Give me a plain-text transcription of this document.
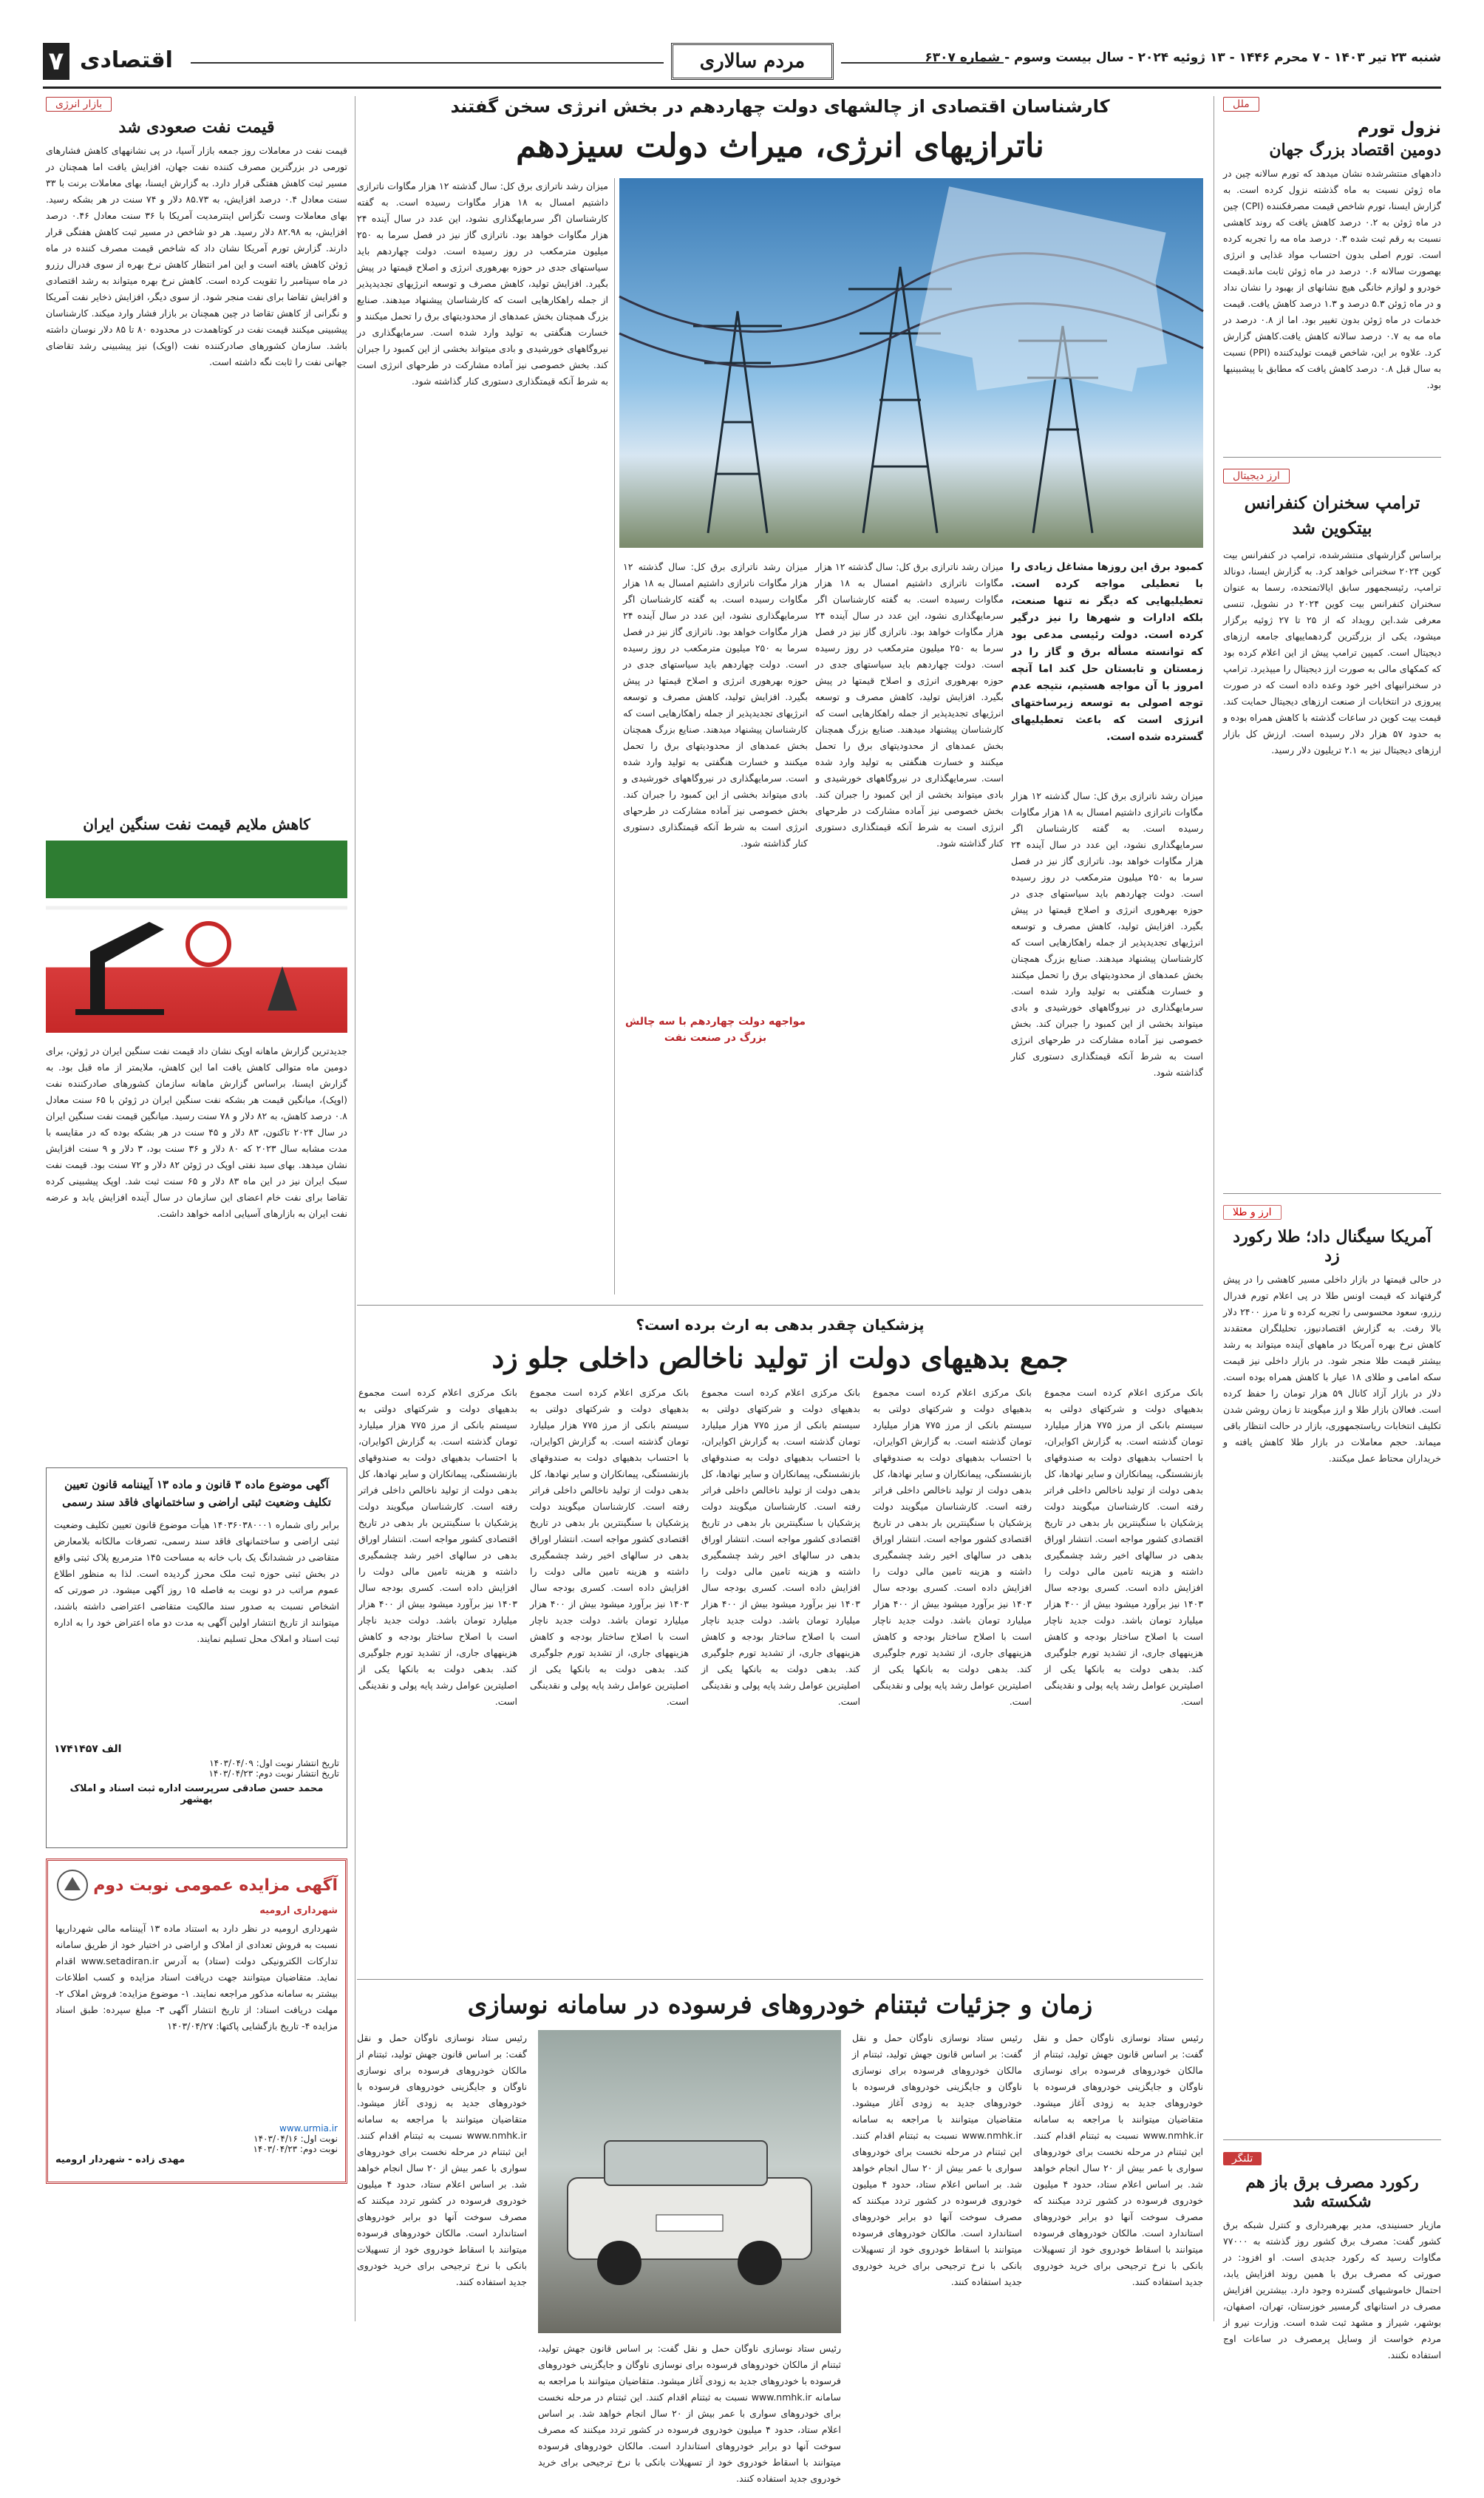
۷ اقتصادی	مردم سالاری	شنبه ۲۳ تیر ۱۴۰۳ - ۷ محرم ۱۴۴۶ - ۱۳ ژوئیه ۲۰۲۴ - سال بیست وسوم - شماره ۶۳۰۷
ملل
نزول تورم
دومین اقتصاد بزرگ جهان
دادههای منتشرشده نشان میدهد که تورم سالانه چین در ماه ژوئن نسبت به ماه گذشته نزول کرده است. به گزارش ایسنا، تورم شاخص قیمت مصرفکننده (CPI) چین در ماه ژوئن به ۰.۲ درصد کاهش یافت که روند کاهشی نسبت به رقم ثبت شده ۰.۳ درصد ماه مه را تجربه کرده است. تورم اصلی بدون احتساب مواد غذایی و انرژی بهصورت سالانه ۰.۶ درصد در ماه ژوئن ثابت ماند.قیمت خودرو و لوازم خانگی هیچ نشانهای از بهبود را نشان نداد و در ماه ژوئن ۵.۳ درصد و ۱.۳ درصد کاهش یافت. قیمت خدمات در ماه ژوئن بدون تغییر بود. اما از ۰.۸ درصد در ماه مه به ۰.۷ درصد سالانه کاهش یافت.کاهش گزارش کرد. علاوه بر این، شاخص قیمت تولیدکننده (PPI) نسبت به سال قبل ۰.۸ درصد کاهش یافت که مطابق با پیشبینیها بود.
ارز دیجیتال
ترامپ سخنران کنفرانس بیتکوین شد
براساس گزارشهای منتشرشده، ترامپ در کنفرانس بیت کوین ۲۰۲۴ سخنرانی خواهد کرد. به گزارش ایسنا، دونالد ترامپ، رئیسجمهور سابق ایالاتمتحده، رسما به عنوان سخنران کنفرانس بیت کوین ۲۰۲۴ در نشویل، تنسی معرفی شد.این رویداد که از ۲۵ تا ۲۷ ژوئیه برگزار میشود، یکی از بزرگترین گردهماییهای جامعه ارزهای دیجیتال است. کمپین ترامپ پیش از این اعلام کرده بود که کمکهای مالی به صورت ارز دیجیتال را میپذیرد. ترامپ در سخنرانیهای اخیر خود وعده داده است که در صورت پیروزی در انتخابات از صنعت ارزهای دیجیتال حمایت کند. قیمت بیت کوین در ساعات گذشته با کاهش همراه بوده و به حدود ۵۷ هزار دلار رسیده است. ارزش کل بازار ارزهای دیجیتال نیز به ۲.۱ تریلیون دلار رسید.
ارز و طلا
آمریکا سیگنال داد؛ طلا رکورد زد
در حالی قیمتها در بازار داخلی مسیر کاهشی را در پیش گرفتهاند که قیمت اونس طلا در پی اعلام تورم فدرال رزرو، سعود محسوسی را تجربه کرده و تا مرز ۲۴۰۰ دلار بالا رفت. به گزارش اقتصادنیوز، تحلیلگران معتقدند کاهش نرخ بهره آمریکا در ماههای آینده میتواند به رشد بیشتر قیمت طلا منجر شود. در بازار داخلی نیز قیمت سکه امامی و طلای ۱۸ عیار با کاهش همراه بوده است. دلار در بازار آزاد کانال ۵۹ هزار تومان را حفظ کرده است. فعالان بازار طلا و ارز میگویند تا زمان روشن شدن تکلیف انتخابات ریاستجمهوری، بازار در حالت انتظار باقی میماند. حجم معاملات در بازار طلا کاهش یافته و خریداران محتاط عمل میکنند.
تلنگر
رکورد مصرف برق باز هم شکسته شد
مازیار حسنیندی، مدیر بهرهبرداری و کنترل شبکه برق کشور گفت: مصرف برق کشور روز گذشته به ۷۷۰۰۰ مگاوات رسید که رکورد جدیدی است. او افزود: در صورتی که مصرف برق با همین روند افزایش یابد، احتمال خاموشیهای گسترده وجود دارد. بیشترین افزایش مصرف در استانهای گرمسیر خوزستان، تهران، اصفهان، بوشهر، شیراز و مشهد ثبت شده است. وزارت نیرو از مردم خواست از وسایل پرمصرف در ساعات اوج استفاده نکنند.
کارشناسان اقتصادی از چالشهای دولت چهاردهم در بخش انرژی سخن گفتند
ناترازیهای انرژی، میراث دولت سیزدهم
کمبود برق این روزها مشاغل زیادی را با تعطیلی مواجه کرده است. تعطیلیهایی که دیگر نه تنها صنعت، بلکه ادارات و شهرها را نیز درگیر کرده است. دولت رئیسی مدعی بود که توانسته مسأله برق و گاز را در زمستان و تابستان حل کند اما آنچه امروز با آن مواجه هستیم، نتیجه عدم توجه اصولی به توسعه زیرساختهای انرژی است که باعث تعطیلیهای گسترده شده است.
میزان رشد ناترازی برق کل: سال گذشته ۱۲ هزار مگاوات ناترازی داشتیم امسال به ۱۸ هزار مگاوات رسیده است. به گفته کارشناسان اگر سرمایهگذاری نشود، این عدد در سال آینده ۲۴ هزار مگاوات خواهد بود. ناترازی گاز نیز در فصل سرما به ۲۵۰ میلیون مترمکعب در روز رسیده است. دولت چهاردهم باید سیاستهای جدی در حوزه بهرهوری انرژی و اصلاح قیمتها در پیش بگیرد. افزایش تولید، کاهش مصرف و توسعه انرژیهای تجدیدپذیر از جمله راهکارهایی است که کارشناسان پیشنهاد میدهند. صنایع بزرگ همچنان بخش عمدهای از محدودیتهای برق را تحمل میکنند و خسارت هنگفتی به تولید وارد شده است. سرمایهگذاری در نیروگاههای خورشیدی و بادی میتواند بخشی از این کمبود را جبران کند. بخش خصوصی نیز آماده مشارکت در طرحهای انرژی است به شرط آنکه قیمتگذاری دستوری کنار گذاشته شود.
میزان رشد ناترازی برق کل: سال گذشته ۱۲ هزار مگاوات ناترازی داشتیم امسال به ۱۸ هزار مگاوات رسیده است. به گفته کارشناسان اگر سرمایهگذاری نشود، این عدد در سال آینده ۲۴ هزار مگاوات خواهد بود. ناترازی گاز نیز در فصل سرما به ۲۵۰ میلیون مترمکعب در روز رسیده است. دولت چهاردهم باید سیاستهای جدی در حوزه بهرهوری انرژی و اصلاح قیمتها در پیش بگیرد. افزایش تولید، کاهش مصرف و توسعه انرژیهای تجدیدپذیر از جمله راهکارهایی است که کارشناسان پیشنهاد میدهند. صنایع بزرگ همچنان بخش عمدهای از محدودیتهای برق را تحمل میکنند و خسارت هنگفتی به تولید وارد شده است. سرمایهگذاری در نیروگاههای خورشیدی و بادی میتواند بخشی از این کمبود را جبران کند. بخش خصوصی نیز آماده مشارکت در طرحهای انرژی است به شرط آنکه قیمتگذاری دستوری کنار گذاشته شود.
مواجهه دولت چهاردهم با سه چالش بزرگ در صنعت نفت
میزان رشد ناترازی برق کل: سال گذشته ۱۲ هزار مگاوات ناترازی داشتیم امسال به ۱۸ هزار مگاوات رسیده است. به گفته کارشناسان اگر سرمایهگذاری نشود، این عدد در سال آینده ۲۴ هزار مگاوات خواهد بود. ناترازی گاز نیز در فصل سرما به ۲۵۰ میلیون مترمکعب در روز رسیده است. دولت چهاردهم باید سیاستهای جدی در حوزه بهرهوری انرژی و اصلاح قیمتها در پیش بگیرد. افزایش تولید، کاهش مصرف و توسعه انرژیهای تجدیدپذیر از جمله راهکارهایی است که کارشناسان پیشنهاد میدهند. صنایع بزرگ همچنان بخش عمدهای از محدودیتهای برق را تحمل میکنند و خسارت هنگفتی به تولید وارد شده است. سرمایهگذاری در نیروگاههای خورشیدی و بادی میتواند بخشی از این کمبود را جبران کند. بخش خصوصی نیز آماده مشارکت در طرحهای انرژی است به شرط آنکه قیمتگذاری دستوری کنار گذاشته شود.
میزان رشد ناترازی برق کل: سال گذشته ۱۲ هزار مگاوات ناترازی داشتیم امسال به ۱۸ هزار مگاوات رسیده است. به گفته کارشناسان اگر سرمایهگذاری نشود، این عدد در سال آینده ۲۴ هزار مگاوات خواهد بود. ناترازی گاز نیز در فصل سرما به ۲۵۰ میلیون مترمکعب در روز رسیده است. دولت چهاردهم باید سیاستهای جدی در حوزه بهرهوری انرژی و اصلاح قیمتها در پیش بگیرد. افزایش تولید، کاهش مصرف و توسعه انرژیهای تجدیدپذیر از جمله راهکارهایی است که کارشناسان پیشنهاد میدهند. صنایع بزرگ همچنان بخش عمدهای از محدودیتهای برق را تحمل میکنند و خسارت هنگفتی به تولید وارد شده است. سرمایهگذاری در نیروگاههای خورشیدی و بادی میتواند بخشی از این کمبود را جبران کند. بخش خصوصی نیز آماده مشارکت در طرحهای انرژی است به شرط آنکه قیمتگذاری دستوری کنار گذاشته شود.
پزشکیان چقدر بدهی به ارث برده است؟
جمع بدهیهای دولت از تولید ناخالص داخلی جلو زد
بانک مرکزی اعلام کرده است مجموع بدهیهای دولت و شرکتهای دولتی به سیستم بانکی از مرز ۷۷۵ هزار میلیارد تومان گذشته است. به گزارش اکوایران، با احتساب بدهیهای دولت به صندوقهای بازنشستگی، پیمانکاران و سایر نهادها، کل بدهی دولت از تولید ناخالص داخلی فراتر رفته است. کارشناسان میگویند دولت پزشکیان با سنگینترین بار بدهی در تاریخ اقتصادی کشور مواجه است. انتشار اوراق بدهی در سالهای اخیر رشد چشمگیری داشته و هزینه تامین مالی دولت را افزایش داده است. کسری بودجه سال ۱۴۰۳ نیز برآورد میشود بیش از ۴۰۰ هزار میلیارد تومان باشد. دولت جدید ناچار است با اصلاح ساختار بودجه و کاهش هزینههای جاری، از تشدید تورم جلوگیری کند. بدهی دولت به بانکها یکی از اصلیترین عوامل رشد پایه پولی و نقدینگی است.
بانک مرکزی اعلام کرده است مجموع بدهیهای دولت و شرکتهای دولتی به سیستم بانکی از مرز ۷۷۵ هزار میلیارد تومان گذشته است. به گزارش اکوایران، با احتساب بدهیهای دولت به صندوقهای بازنشستگی، پیمانکاران و سایر نهادها، کل بدهی دولت از تولید ناخالص داخلی فراتر رفته است. کارشناسان میگویند دولت پزشکیان با سنگینترین بار بدهی در تاریخ اقتصادی کشور مواجه است. انتشار اوراق بدهی در سالهای اخیر رشد چشمگیری داشته و هزینه تامین مالی دولت را افزایش داده است. کسری بودجه سال ۱۴۰۳ نیز برآورد میشود بیش از ۴۰۰ هزار میلیارد تومان باشد. دولت جدید ناچار است با اصلاح ساختار بودجه و کاهش هزینههای جاری، از تشدید تورم جلوگیری کند. بدهی دولت به بانکها یکی از اصلیترین عوامل رشد پایه پولی و نقدینگی است.
بانک مرکزی اعلام کرده است مجموع بدهیهای دولت و شرکتهای دولتی به سیستم بانکی از مرز ۷۷۵ هزار میلیارد تومان گذشته است. به گزارش اکوایران، با احتساب بدهیهای دولت به صندوقهای بازنشستگی، پیمانکاران و سایر نهادها، کل بدهی دولت از تولید ناخالص داخلی فراتر رفته است. کارشناسان میگویند دولت پزشکیان با سنگینترین بار بدهی در تاریخ اقتصادی کشور مواجه است. انتشار اوراق بدهی در سالهای اخیر رشد چشمگیری داشته و هزینه تامین مالی دولت را افزایش داده است. کسری بودجه سال ۱۴۰۳ نیز برآورد میشود بیش از ۴۰۰ هزار میلیارد تومان باشد. دولت جدید ناچار است با اصلاح ساختار بودجه و کاهش هزینههای جاری، از تشدید تورم جلوگیری کند. بدهی دولت به بانکها یکی از اصلیترین عوامل رشد پایه پولی و نقدینگی است.
بانک مرکزی اعلام کرده است مجموع بدهیهای دولت و شرکتهای دولتی به سیستم بانکی از مرز ۷۷۵ هزار میلیارد تومان گذشته است. به گزارش اکوایران، با احتساب بدهیهای دولت به صندوقهای بازنشستگی، پیمانکاران و سایر نهادها، کل بدهی دولت از تولید ناخالص داخلی فراتر رفته است. کارشناسان میگویند دولت پزشکیان با سنگینترین بار بدهی در تاریخ اقتصادی کشور مواجه است. انتشار اوراق بدهی در سالهای اخیر رشد چشمگیری داشته و هزینه تامین مالی دولت را افزایش داده است. کسری بودجه سال ۱۴۰۳ نیز برآورد میشود بیش از ۴۰۰ هزار میلیارد تومان باشد. دولت جدید ناچار است با اصلاح ساختار بودجه و کاهش هزینههای جاری، از تشدید تورم جلوگیری کند. بدهی دولت به بانکها یکی از اصلیترین عوامل رشد پایه پولی و نقدینگی است.
بانک مرکزی اعلام کرده است مجموع بدهیهای دولت و شرکتهای دولتی به سیستم بانکی از مرز ۷۷۵ هزار میلیارد تومان گذشته است. به گزارش اکوایران، با احتساب بدهیهای دولت به صندوقهای بازنشستگی، پیمانکاران و سایر نهادها، کل بدهی دولت از تولید ناخالص داخلی فراتر رفته است. کارشناسان میگویند دولت پزشکیان با سنگینترین بار بدهی در تاریخ اقتصادی کشور مواجه است. انتشار اوراق بدهی در سالهای اخیر رشد چشمگیری داشته و هزینه تامین مالی دولت را افزایش داده است. کسری بودجه سال ۱۴۰۳ نیز برآورد میشود بیش از ۴۰۰ هزار میلیارد تومان باشد. دولت جدید ناچار است با اصلاح ساختار بودجه و کاهش هزینههای جاری، از تشدید تورم جلوگیری کند. بدهی دولت به بانکها یکی از اصلیترین عوامل رشد پایه پولی و نقدینگی است.
زمان و جزئیات ثبتنام خودروهای فرسوده در سامانه نوسازی
رئیس ستاد نوسازی ناوگان حمل و نقل گفت: بر اساس قانون جهش تولید، ثبتنام از مالکان خودروهای فرسوده برای نوسازی ناوگان و جایگزینی خودروهای فرسوده با خودروهای جدید به زودی آغاز میشود. متقاضیان میتوانند با مراجعه به سامانه www.nmhk.ir نسبت به ثبتنام اقدام کنند. این ثبتنام در مرحله نخست برای خودروهای سواری با عمر بیش از ۲۰ سال انجام خواهد شد. بر اساس اعلام ستاد، حدود ۴ میلیون خودروی فرسوده در کشور تردد میکنند که مصرف سوخت آنها دو برابر خودروهای استاندارد است. مالکان خودروهای فرسوده میتوانند با اسقاط خودروی خود از تسهیلات بانکی با نرخ ترجیحی برای خرید خودروی جدید استفاده کنند.
رئیس ستاد نوسازی ناوگان حمل و نقل گفت: بر اساس قانون جهش تولید، ثبتنام از مالکان خودروهای فرسوده برای نوسازی ناوگان و جایگزینی خودروهای فرسوده با خودروهای جدید به زودی آغاز میشود. متقاضیان میتوانند با مراجعه به سامانه www.nmhk.ir نسبت به ثبتنام اقدام کنند. این ثبتنام در مرحله نخست برای خودروهای سواری با عمر بیش از ۲۰ سال انجام خواهد شد. بر اساس اعلام ستاد، حدود ۴ میلیون خودروی فرسوده در کشور تردد میکنند که مصرف سوخت آنها دو برابر خودروهای استاندارد است. مالکان خودروهای فرسوده میتوانند با اسقاط خودروی خود از تسهیلات بانکی با نرخ ترجیحی برای خرید خودروی جدید استفاده کنند.
رئیس ستاد نوسازی ناوگان حمل و نقل گفت: بر اساس قانون جهش تولید، ثبتنام از مالکان خودروهای فرسوده برای نوسازی ناوگان و جایگزینی خودروهای فرسوده با خودروهای جدید به زودی آغاز میشود. متقاضیان میتوانند با مراجعه به سامانه www.nmhk.ir نسبت به ثبتنام اقدام کنند. این ثبتنام در مرحله نخست برای خودروهای سواری با عمر بیش از ۲۰ سال انجام خواهد شد. بر اساس اعلام ستاد، حدود ۴ میلیون خودروی فرسوده در کشور تردد میکنند که مصرف سوخت آنها دو برابر خودروهای استاندارد است. مالکان خودروهای فرسوده میتوانند با اسقاط خودروی خود از تسهیلات بانکی با نرخ ترجیحی برای خرید خودروی جدید استفاده کنند.
رئیس ستاد نوسازی ناوگان حمل و نقل گفت: بر اساس قانون جهش تولید، ثبتنام از مالکان خودروهای فرسوده برای نوسازی ناوگان و جایگزینی خودروهای فرسوده با خودروهای جدید به زودی آغاز میشود. متقاضیان میتوانند با مراجعه به سامانه www.nmhk.ir نسبت به ثبتنام اقدام کنند. این ثبتنام در مرحله نخست برای خودروهای سواری با عمر بیش از ۲۰ سال انجام خواهد شد. بر اساس اعلام ستاد، حدود ۴ میلیون خودروی فرسوده در کشور تردد میکنند که مصرف سوخت آنها دو برابر خودروهای استاندارد است. مالکان خودروهای فرسوده میتوانند با اسقاط خودروی خود از تسهیلات بانکی با نرخ ترجیحی برای خرید خودروی جدید استفاده کنند.
بازار انرژی
قیمت نفت صعودی شد
قیمت نفت در معاملات روز جمعه بازار آسیا، در پی نشانههای کاهش فشارهای تورمی در بزرگترین مصرف کننده نفت جهان، افزایش یافت اما همچنان در مسیر ثبت کاهش هفتگی قرار دارد. به گزارش ایسنا، بهای معاملات برنت با ۳۳ سنت معادل ۰.۴ درصد افزایش، به ۸۵.۷۳ دلار و ۷۴ سنت در هر بشکه رسید. بهای معاملات وست تگزاس اینترمدیت آمریکا با ۳۶ سنت معادل ۰.۴۶ درصد افزایش، به ۸۲.۹۸ دلار رسید. هر دو شاخص در مسیر ثبت کاهش هفتگی قرار دارند. گزارش تورم آمریکا نشان داد که شاخص قیمت مصرف کننده در ماه ژوئن کاهش یافته است و این امر انتظار کاهش نرخ بهره از سوی فدرال رزرو در ماه سپتامبر را تقویت کرده است. کاهش نرخ بهره میتواند به رشد اقتصادی و افزایش تقاضا برای نفت منجر شود. از سوی دیگر، افزایش ذخایر نفت آمریکا و نگرانی از کاهش تقاضا در چین همچنان بر بازار فشار وارد میکند. کارشناسان پیشبینی میکنند قیمت نفت در کوتاهمدت در محدوده ۸۰ تا ۸۵ دلار نوسان داشته باشد. سازمان کشورهای صادرکننده نفت (اوپک) نیز پیشبینی رشد تقاضای جهانی نفت را ثابت نگه داشته است.
کاهش ملایم قیمت نفت سنگین ایران
جدیدترین گزارش ماهانه اوپک نشان داد قیمت نفت سنگین ایران در ژوئن، برای دومین ماه متوالی کاهش یافت اما این کاهش، ملایمتر از ماه قبل بود. به گزارش ایسنا، براساس گزارش ماهانه سازمان کشورهای صادرکننده نفت (اوپک)، میانگین قیمت هر بشکه نفت سنگین ایران در ژوئن با ۶۵ سنت معادل ۰.۸ درصد کاهش، به ۸۲ دلار و ۷۸ سنت رسید. میانگین قیمت نفت سنگین ایران در سال ۲۰۲۴ تاکنون، ۸۳ دلار و ۴۵ سنت در هر بشکه بوده که در مقایسه با مدت مشابه سال ۲۰۲۳ که ۸۰ دلار و ۳۶ سنت بود، ۳ دلار و ۹ سنت افزایش نشان میدهد. بهای سبد نفتی اوپک در ژوئن ۸۲ دلار و ۷۲ سنت بود. قیمت نفت سبک ایران نیز در این ماه ۸۳ دلار و ۶۵ سنت ثبت شد. اوپک پیشبینی کرده تقاضا برای نفت خام اعضای این سازمان در سال آینده افزایش یابد و عرضه نفت ایران به بازارهای آسیایی ادامه خواهد داشت.
آگهی موضوع ماده ۳ قانون و ماده ۱۳ آییننامه قانون تعیین تکلیف وضعیت ثبتی اراضی و ساختمانهای فاقد سند رسمی
برابر رای شماره ۱۴۰۳۶۰۳۸۰۰۰۱ هیأت موضوع قانون تعیین تکلیف وضعیت ثبتی اراضی و ساختمانهای فاقد سند رسمی، تصرفات مالکانه بلامعارض متقاضی در ششدانگ یک باب خانه به مساحت ۱۴۵ مترمربع پلاک ثبتی واقع در بخش ثبتی حوزه ثبت ملک محرز گردیده است. لذا به منظور اطلاع عموم مراتب در دو نوبت به فاصله ۱۵ روز آگهی میشود. در صورتی که اشخاص نسبت به صدور سند مالکیت متقاضی اعتراضی داشته باشند، میتوانند از تاریخ انتشار اولین آگهی به مدت دو ماه اعتراض خود را به اداره ثبت اسناد و املاک محل تسلیم نمایند.
الف ۱۷۴۱۴۵۷
تاریخ انتشار نوبت اول: ۱۴۰۳/۰۴/۰۹
تاریخ انتشار نوبت دوم: ۱۴۰۳/۰۴/۲۳
محمد حسن صادقی سرپرست اداره ثبت اسناد و املاک بهشهر
آگهی مزایده عمومی نوبت دوم
شهرداری ارومیه
شهرداری ارومیه در نظر دارد به استناد ماده ۱۳ آییننامه مالی شهرداریها نسبت به فروش تعدادی از املاک و اراضی در اختیار خود از طریق سامانه تدارکات الکترونیکی دولت (ستاد) به آدرس www.setadiran.ir اقدام نماید. متقاضیان میتوانند جهت دریافت اسناد مزایده و کسب اطلاعات بیشتر به سامانه مذکور مراجعه نمایند. ۱- موضوع مزایده: فروش املاک ۲- مهلت دریافت اسناد: از تاریخ انتشار آگهی ۳- مبلغ سپرده: طبق اسناد مزایده ۴- تاریخ بازگشایی پاکتها: ۱۴۰۳/۰۴/۲۷
www.urmia.ir
نوبت اول: ۱۴۰۳/۰۴/۱۶
نوبت دوم: ۱۴۰۳/۰۴/۲۳
مهدی زاده - شهردار ارومیه
